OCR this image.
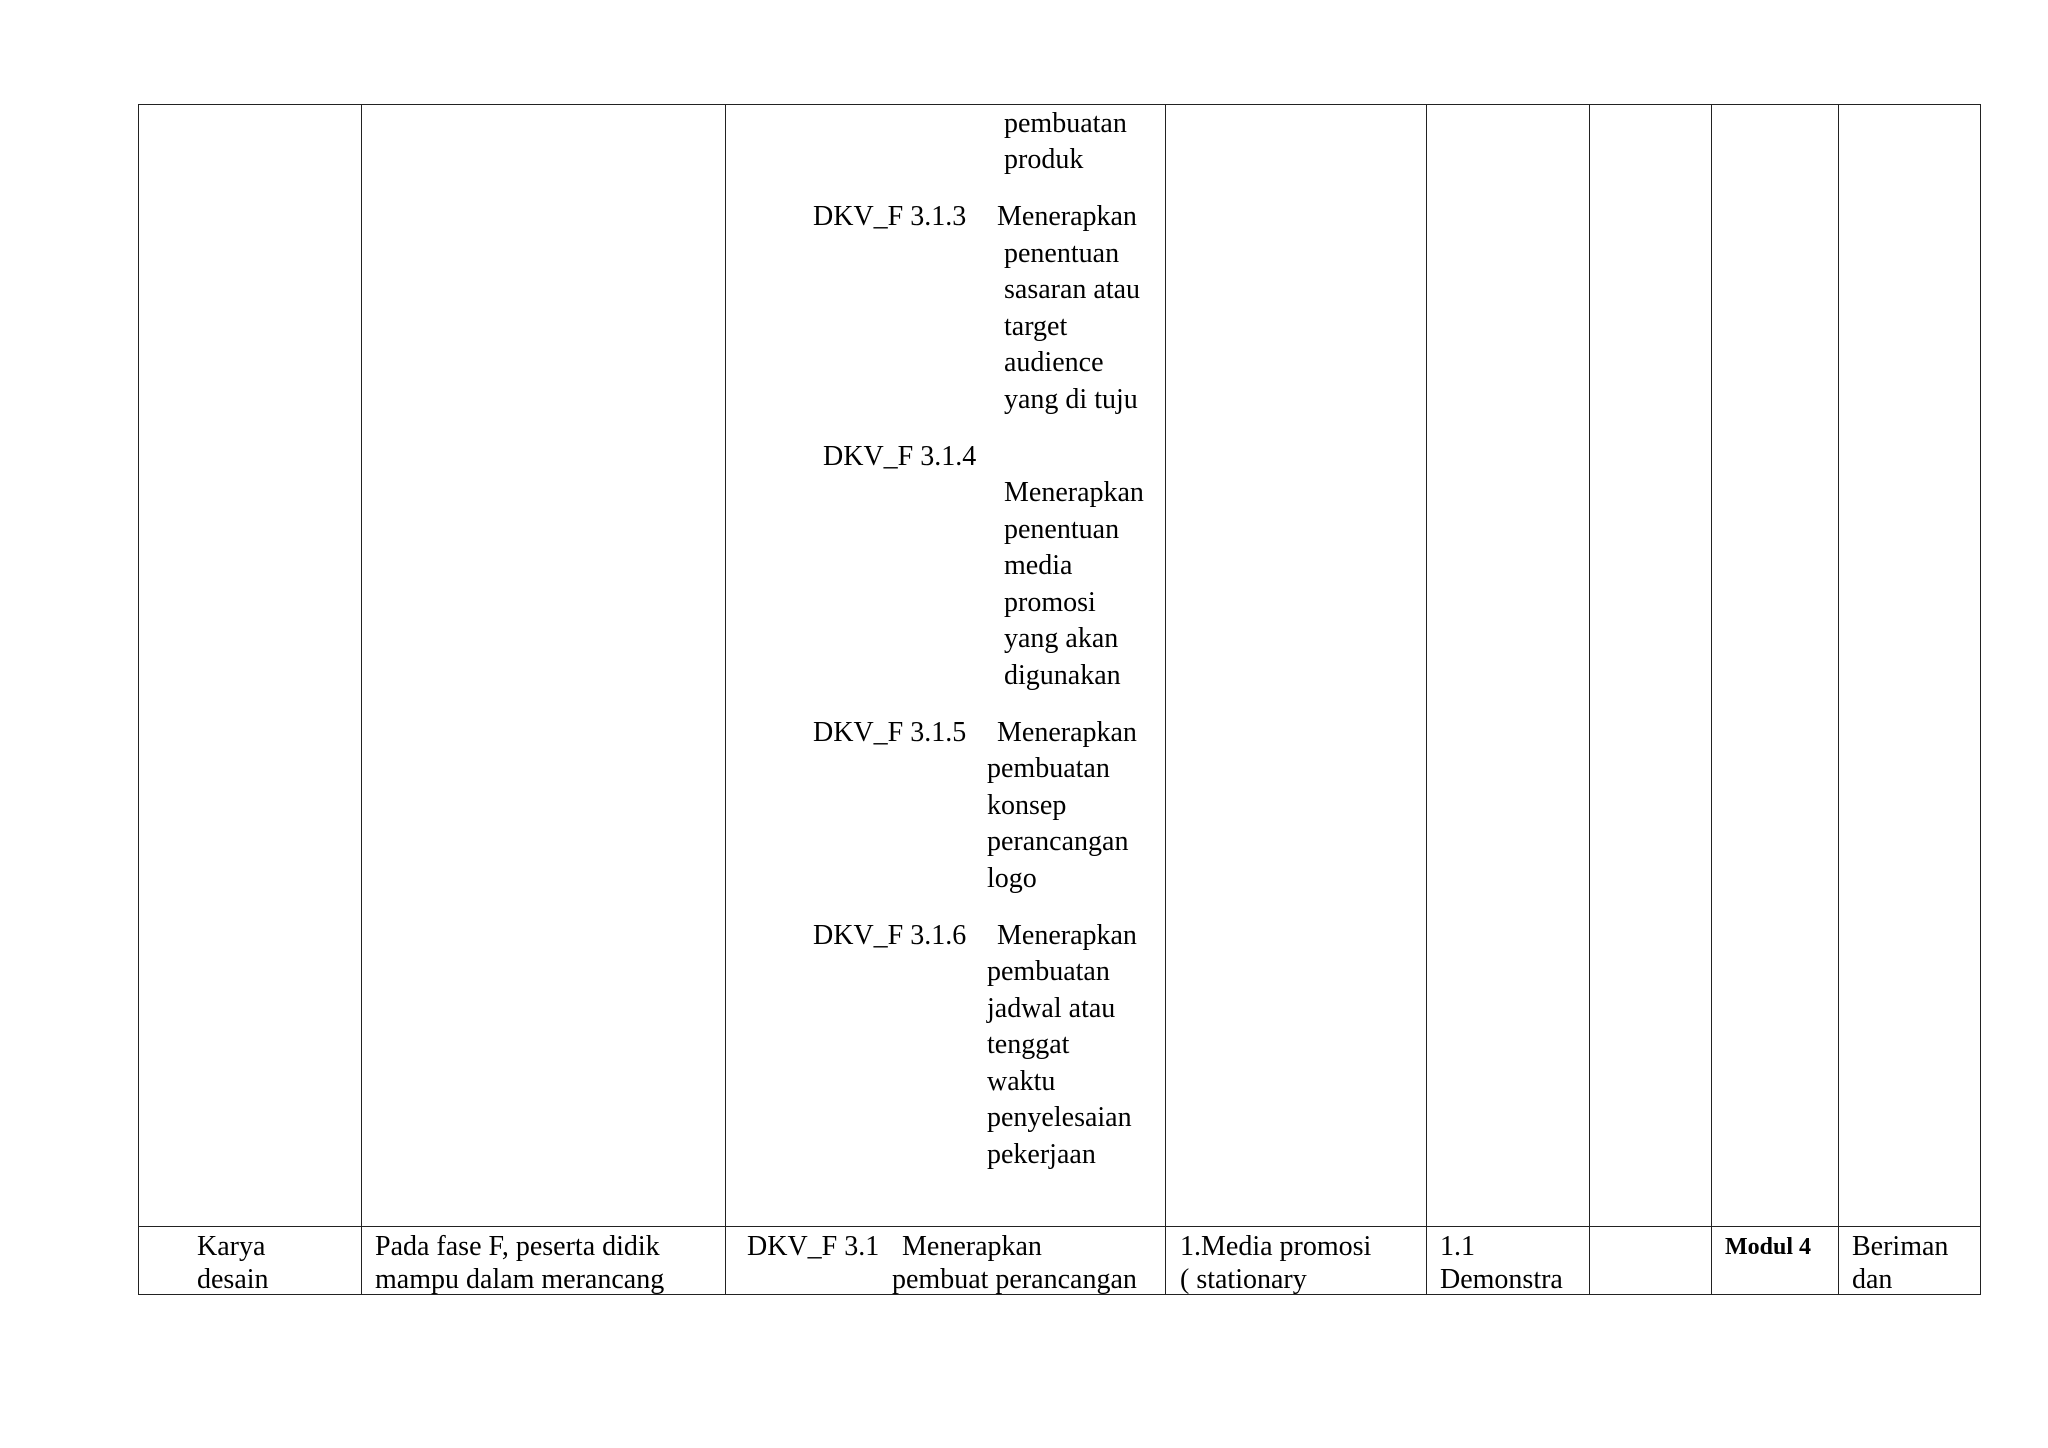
pembuatan
produk
DKV_F 3.1.3 Menerapkan
penentuan
sasaran atau
target
audience
yang di tuju
DKV_F 3.1.4
Menerapkan
penentuan
media
promosi
yang akan
digunakan
DKV_F 3.1.5 Menerapkan
pembuatan
konsep
perancangan
logo
DKV_F 3.1.6 Menerapkan
pembuatan
jadwal atau
tenggat
waktu
penyelesaian
pekerjaan
Karya
desain
Pada fase F, peserta didik
mampu dalam merancang
DKV_F 3.1 Menerapkan
pembuat perancangan
1.Media promosi
( stationary
1.1
Demonstra
Modul 4 Beriman
dan
